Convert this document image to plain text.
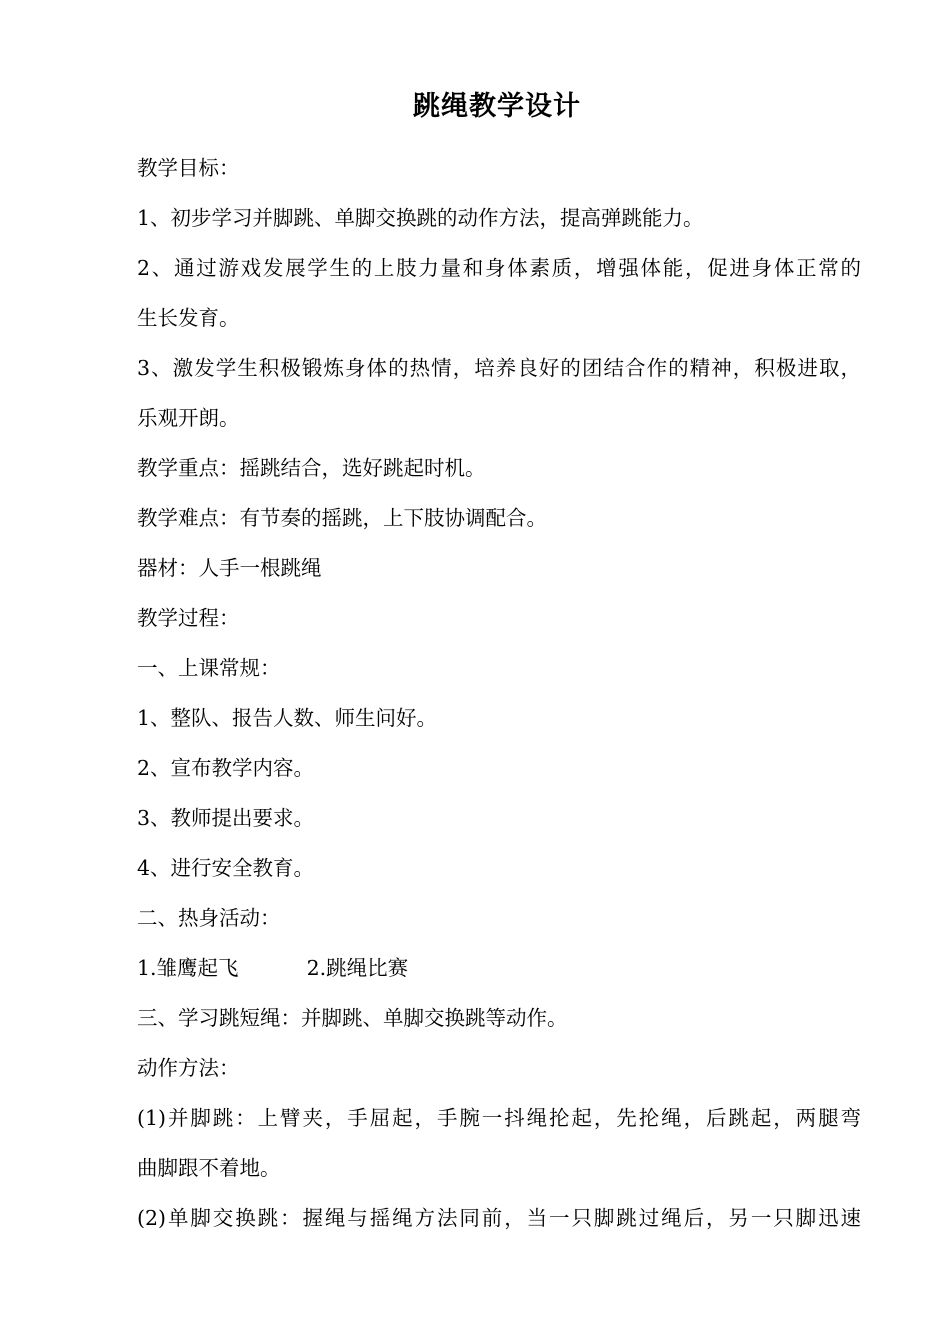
跳绳教学设计
教学目标：
1、初步学习并脚跳、单脚交换跳的动作方法，提高弹跳能力。
2、通过游戏发展学生的上肢力量和身体素质，增强体能，促进身体正常的
生长发育。
3、激发学生积极锻炼身体的热情，培养良好的团结合作的精神，积极进取，
乐观开朗。
教学重点：摇跳结合，选好跳起时机。
教学难点：有节奏的摇跳，上下肢协调配合。
器材：人手一根跳绳
教学过程：
一、上课常规：
1、整队、报告人数、师生问好。
2、宣布教学内容。
3、教师提出要求。
4、进行安全教育。
二、热身活动：
1.雏鹰起飞	2.跳绳比赛
三、学习跳短绳：并脚跳、单脚交换跳等动作。
动作方法：
(1)并脚跳：上臂夹，手屈起，手腕一抖绳抡起，先抡绳，后跳起，两腿弯
曲脚跟不着地。
(2)单脚交换跳：握绳与摇绳方法同前，当一只脚跳过绳后，另一只脚迅速
